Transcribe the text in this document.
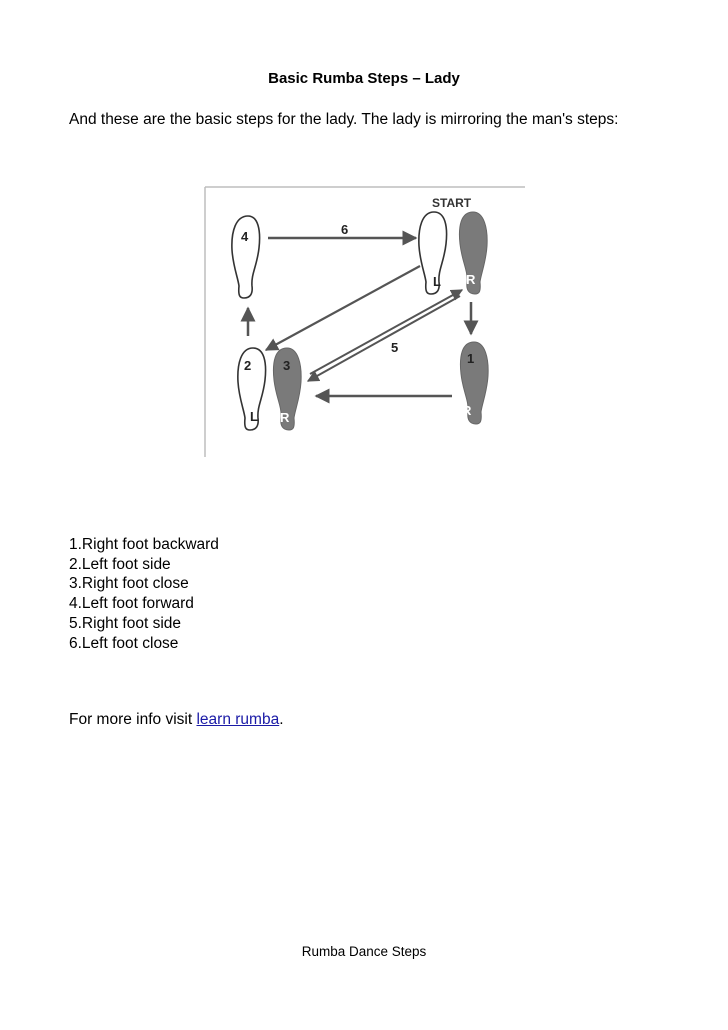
Basic Rumba Steps – Lady
And these are the basic steps for the lady. The lady is mirroring the man's steps:
START
4
L R
1
R
2
L
3
R
6
5
1.Right foot backward
2.Left foot side
3.Right foot close
4.Left foot forward
5.Right foot side
6.Left foot close
For more info visit learn rumba.
Rumba Dance Steps
